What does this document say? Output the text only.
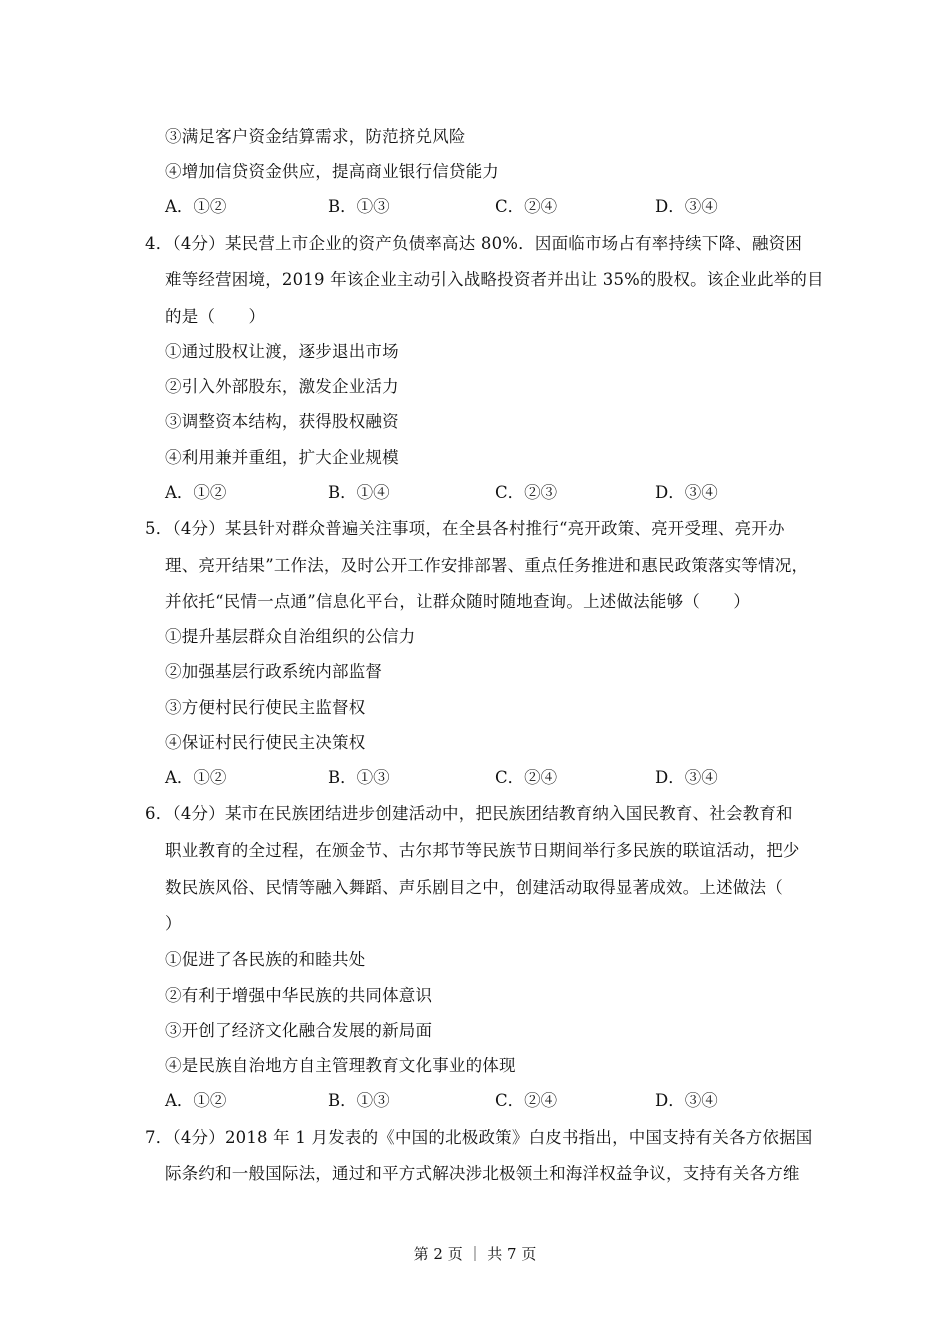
③满足客户资金结算需求，防范挤兑风险
④增加信贷资金供应，提高商业银行信贷能力
A．①②	B．①③	C．②④	D．③④
4．（4分）某民营上市企业的资产负债率高达 80%．因面临市场占有率持续下降、融资困
难等经营困境，2019 年该企业主动引入战略投资者并出让 35%的股权。该企业此举的目
的是（　　）
①通过股权让渡，逐步退出市场
②引入外部股东，激发企业活力
③调整资本结构，获得股权融资
④利用兼并重组，扩大企业规模
A．①②	B．①④	C．②③	D．③④
5．（4分）某县针对群众普遍关注事项，在全县各村推行“亮开政策、亮开受理、亮开办
理、亮开结果”工作法，及时公开工作安排部署、重点任务推进和惠民政策落实等情况，
并依托“民情一点通”信息化平台，让群众随时随地查询。上述做法能够（　　）
①提升基层群众自治组织的公信力
②加强基层行政系统内部监督
③方便村民行使民主监督权
④保证村民行使民主决策权
A．①②	B．①③	C．②④	D．③④
6．（4分）某市在民族团结进步创建活动中，把民族团结教育纳入国民教育、社会教育和
职业教育的全过程，在颁金节、古尔邦节等民族节日期间举行多民族的联谊活动，把少
数民族风俗、民情等融入舞蹈、声乐剧目之中，创建活动取得显著成效。上述做法（
）
①促进了各民族的和睦共处
②有利于增强中华民族的共同体意识
③开创了经济文化融合发展的新局面
④是民族自治地方自主管理教育文化事业的体现
A．①②	B．①③	C．②④	D．③④
7．（4分）2018 年 1 月发表的《中国的北极政策》白皮书指出，中国支持有关各方依据国
际条约和一般国际法，通过和平方式解决涉北极领土和海洋权益争议，支持有关各方维
第 2 页 ｜ 共 7 页
